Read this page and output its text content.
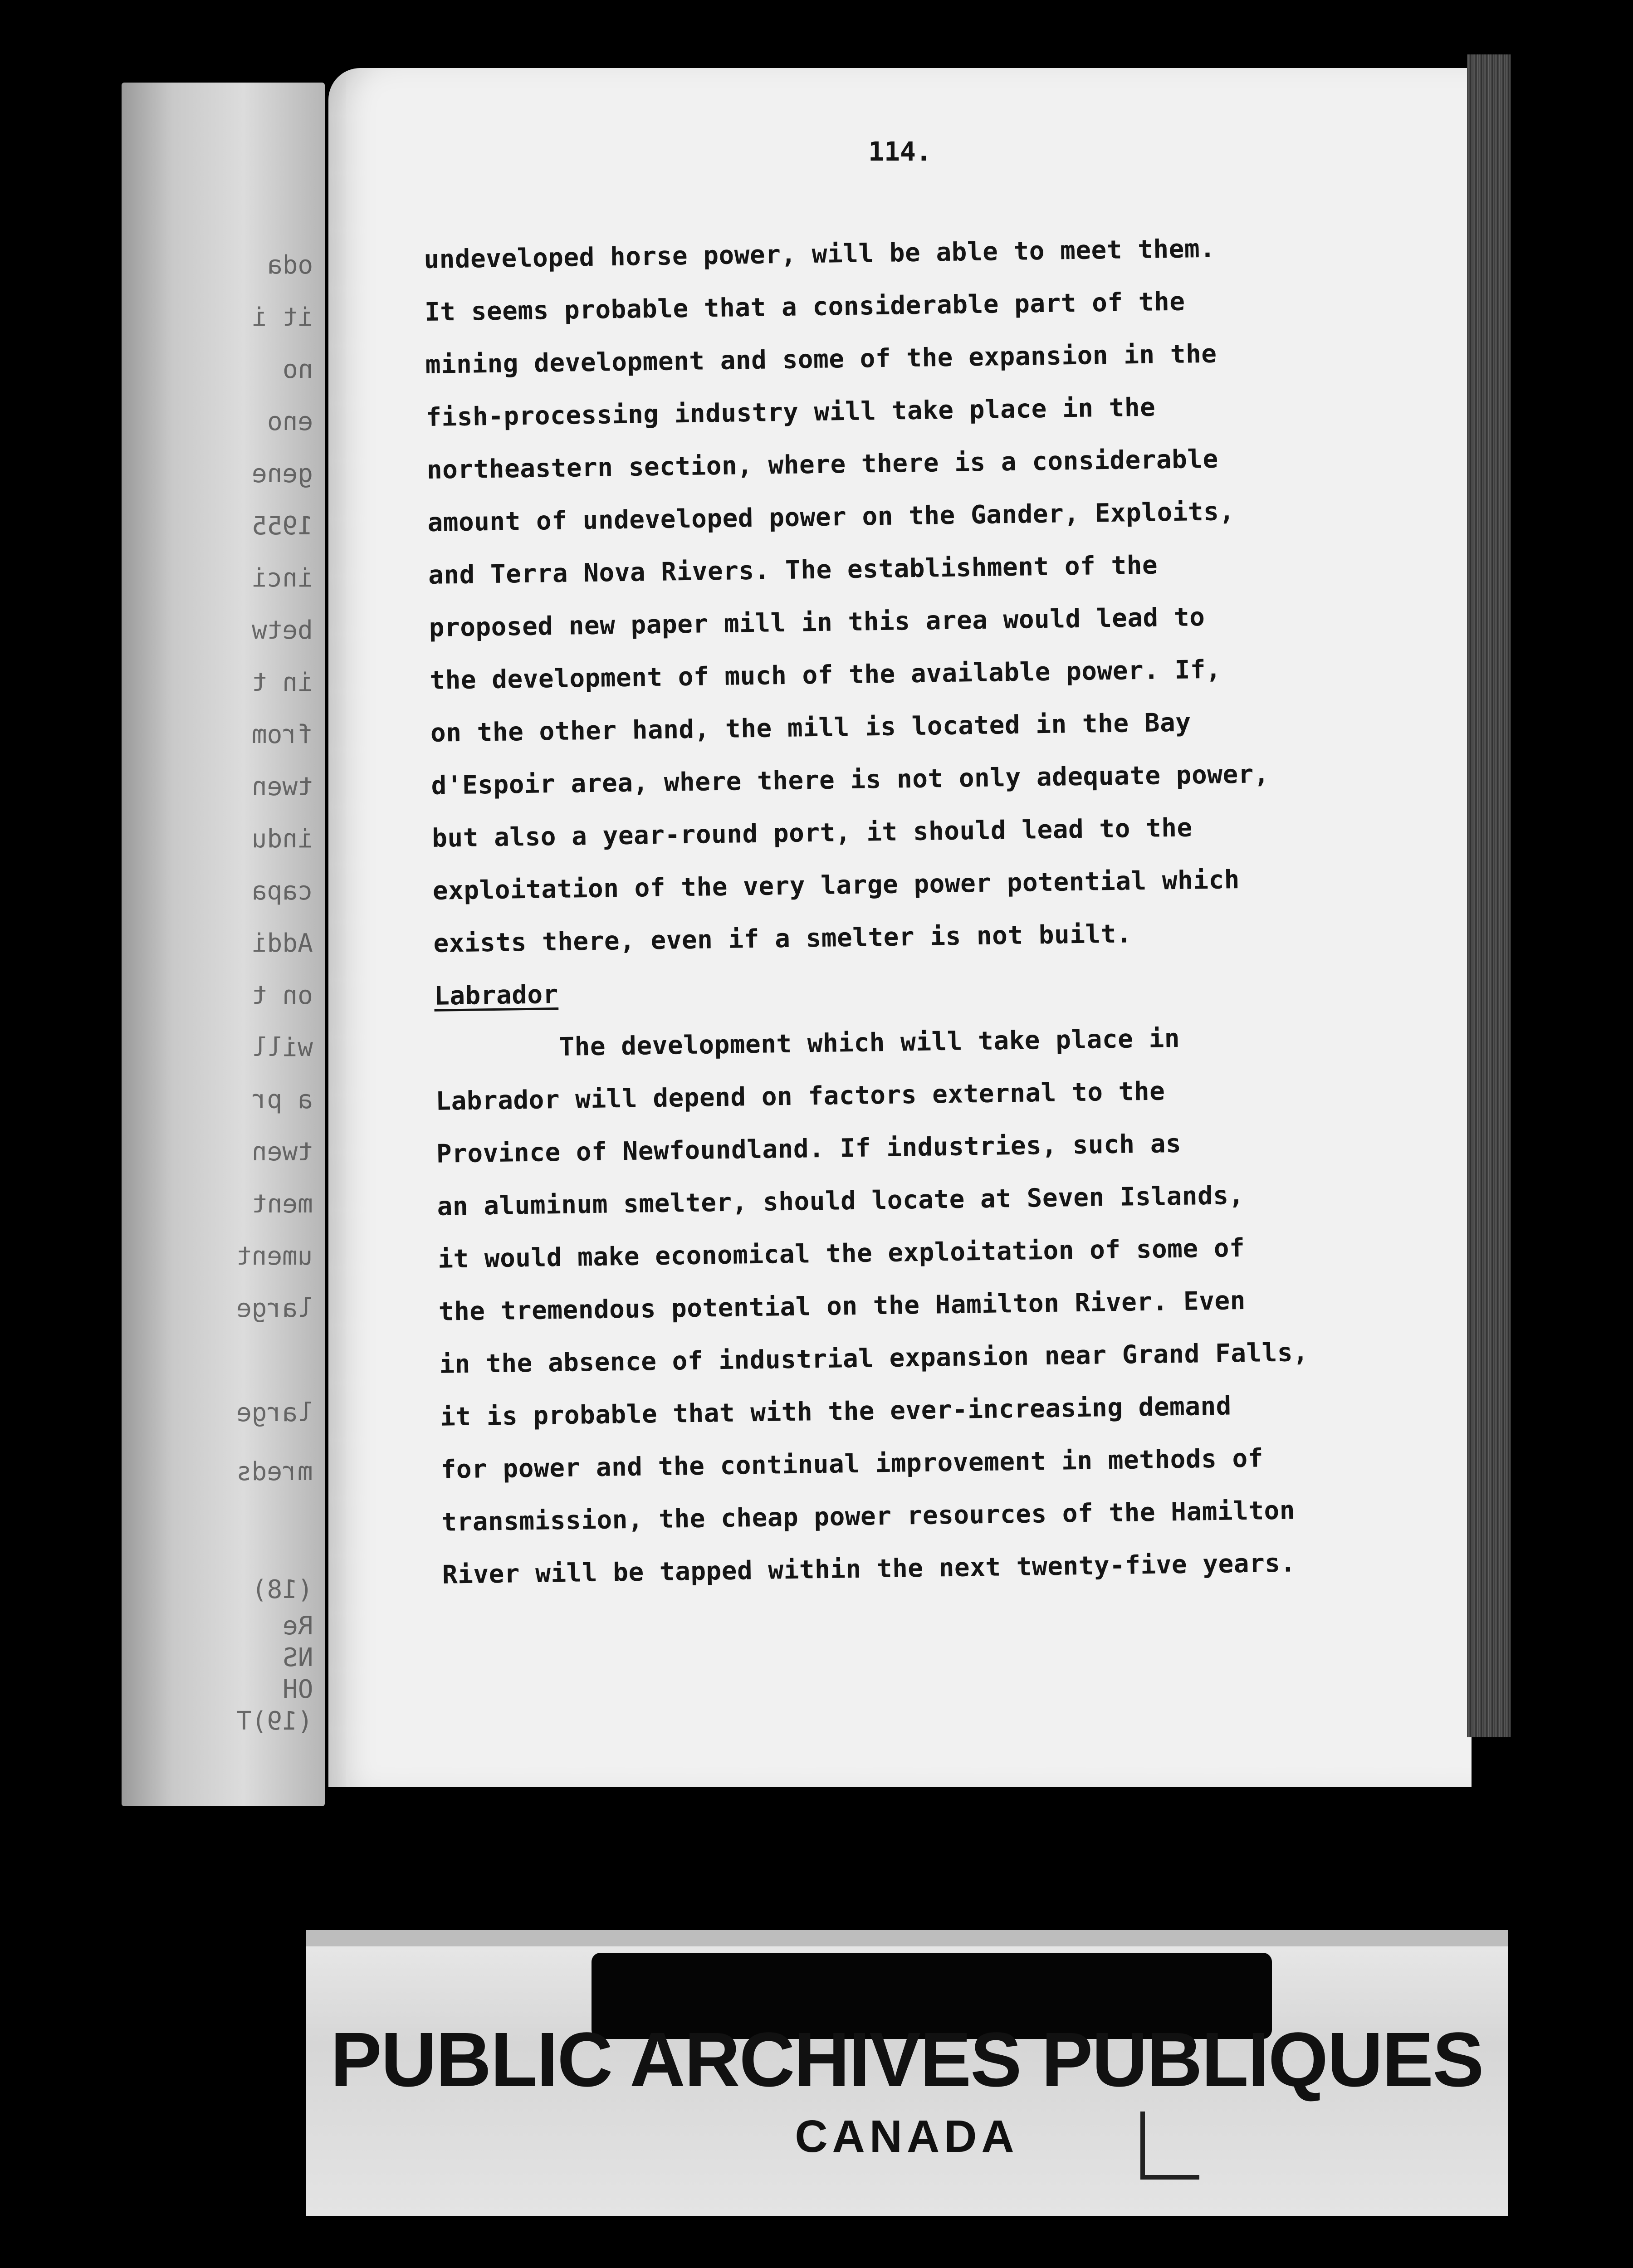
oda
it i
no
eno
gene
1955
inci
betw
in t
from
twen
indu
capa
Addi
on t
will
a pr
twen
ment
ument
large
large
mreds
(18)
Re
NS
OH
(19)T
114.
undeveloped horse power, will be able to meet them.
It seems probable that a considerable part of the
mining development and some of the expansion in the
fish-processing industry will take place in the
northeastern section, where there is a considerable
amount of undeveloped power on the Gander, Exploits,
and Terra Nova Rivers. The establishment of the
proposed new paper mill in this area would lead to
the development of much of the available power. If,
on the other hand, the mill is located in the Bay
d'Espoir area, where there is not only adequate power,
but also a year-round port, it should lead to the
exploitation of the very large power potential which
exists there, even if a smelter is not built.
Labrador
The development which will take place in
Labrador will depend on factors external to the
Province of Newfoundland. If industries, such as
an aluminum smelter, should locate at Seven Islands,
it would make economical the exploitation of some of
the tremendous potential on the Hamilton River. Even
in the absence of industrial expansion near Grand Falls,
it is probable that with the ever-increasing demand
for power and the continual improvement in methods of
transmission, the cheap power resources of the Hamilton
River will be tapped within the next twenty-five years.
PUBLIC ARCHIVES PUBLIQUES
CANADA
